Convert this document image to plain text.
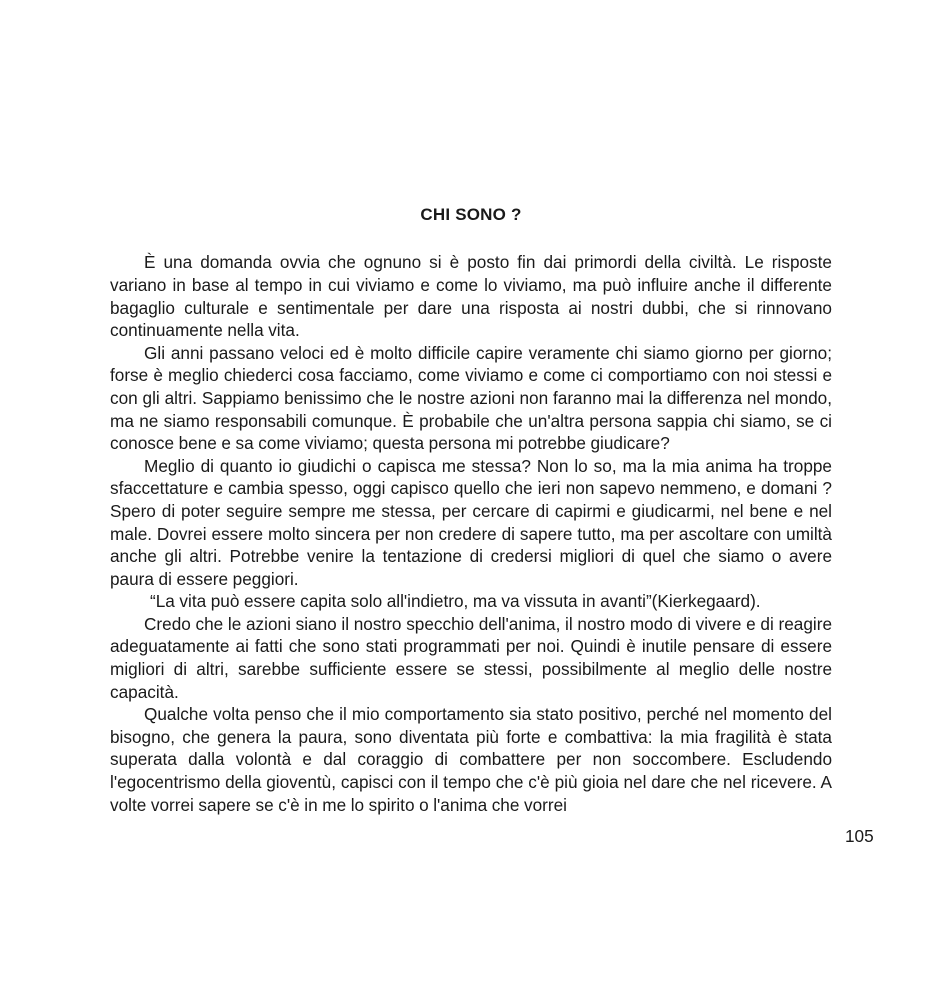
CHI SONO ?

È una domanda ovvia che ognuno si è posto fin dai primordi della civiltà. Le risposte variano in base al tempo in cui viviamo e come lo viviamo, ma può influire anche il differente bagaglio culturale e sentimentale per dare una risposta ai nostri dubbi, che si rinnovano continuamente nella vita.

Gli anni passano veloci ed è molto difficile capire veramente chi siamo giorno per giorno; forse è meglio chiederci cosa facciamo, come viviamo e come ci comportiamo con noi stessi e con gli altri. Sappiamo benissimo che le nostre azioni non faranno mai la differenza nel mondo, ma ne siamo responsabili comunque. È probabile che un'altra persona sappia chi siamo, se ci conosce bene e sa come viviamo; questa persona mi potrebbe giudicare?

Meglio di quanto io giudichi o capisca me stessa? Non lo so, ma la mia anima ha troppe sfaccettature e cambia spesso, oggi capisco quello che ieri non sapevo nemmeno, e domani ? Spero di poter seguire sempre me stessa, per cercare di capirmi e giudicarmi, nel bene e nel male. Dovrei essere molto sincera per non credere di sapere tutto, ma per ascoltare con umiltà anche gli altri. Potrebbe venire la tentazione di credersi migliori di quel che siamo o avere paura di essere peggiori.

“La vita può essere capita solo all'indietro, ma va vissuta in avanti”(Kierkegaard).

Credo che le azioni siano il nostro specchio dell'anima, il nostro modo di vivere e di reagire adeguatamente ai fatti che sono stati programmati per noi. Quindi è inutile pensare di essere migliori di altri, sarebbe sufficiente essere se stessi, possibilmente al meglio delle nostre capacità.

Qualche volta penso che il mio comportamento sia stato positivo, perché nel momento del bisogno, che genera la paura, sono diventata più forte e combattiva: la mia fragilità è stata superata dalla volontà e dal coraggio di combattere per non soccombere. Escludendo l'egocentrismo della gioventù, capisci con il tempo che c'è più gioia nel dare che nel ricevere. A volte vorrei sapere se c'è in me lo spirito o l'anima che vorrei

105
